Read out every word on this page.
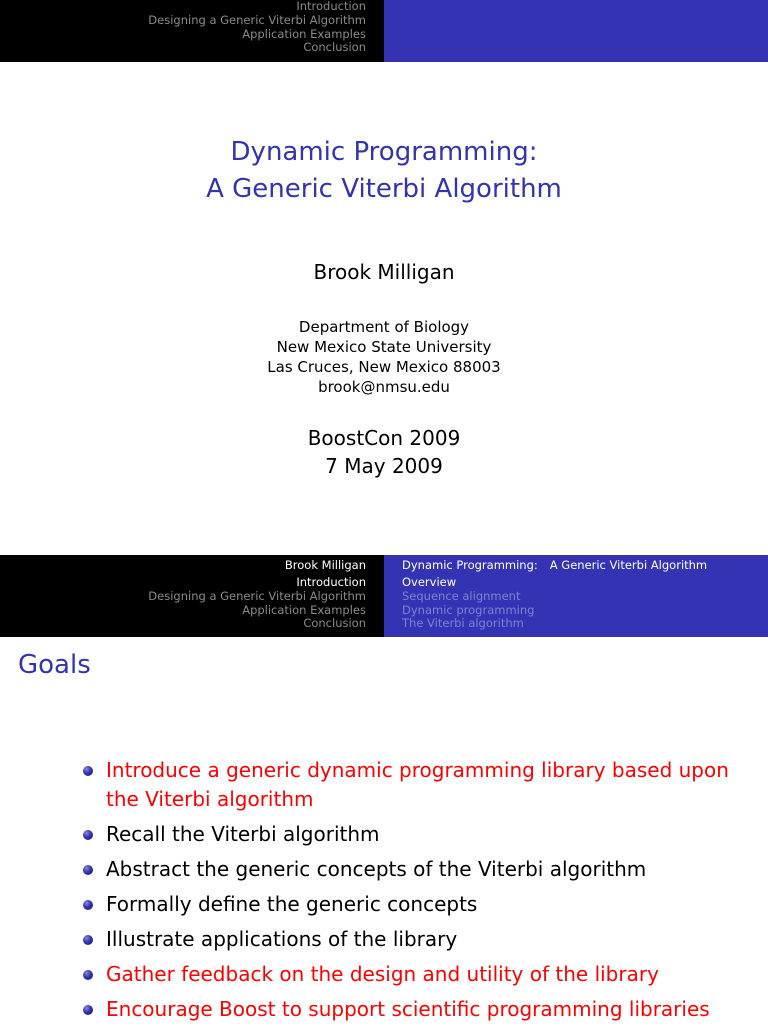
Introduction
Designing a Generic Viterbi Algorithm
Application Examples
Conclusion
Dynamic Programming:
A Generic Viterbi Algorithm
Brook Milligan
Department of Biology
New Mexico State University
Las Cruces, New Mexico 88003
brook@nmsu.edu
BoostCon 2009
7 May 2009
Brook Milligan
Introduction
Designing a Generic Viterbi Algorithm
Application Examples
Conclusion
Dynamic Programming: A Generic Viterbi Algorithm
Overview
Sequence alignment
Dynamic programming
The Viterbi algorithm
Goals
Introduce a generic dynamic programming library based upon the Viterbi algorithm
Recall the Viterbi algorithm
Abstract the generic concepts of the Viterbi algorithm
Formally define the generic concepts
Illustrate applications of the library
Gather feedback on the design and utility of the library
Encourage Boost to support scientific programming libraries
